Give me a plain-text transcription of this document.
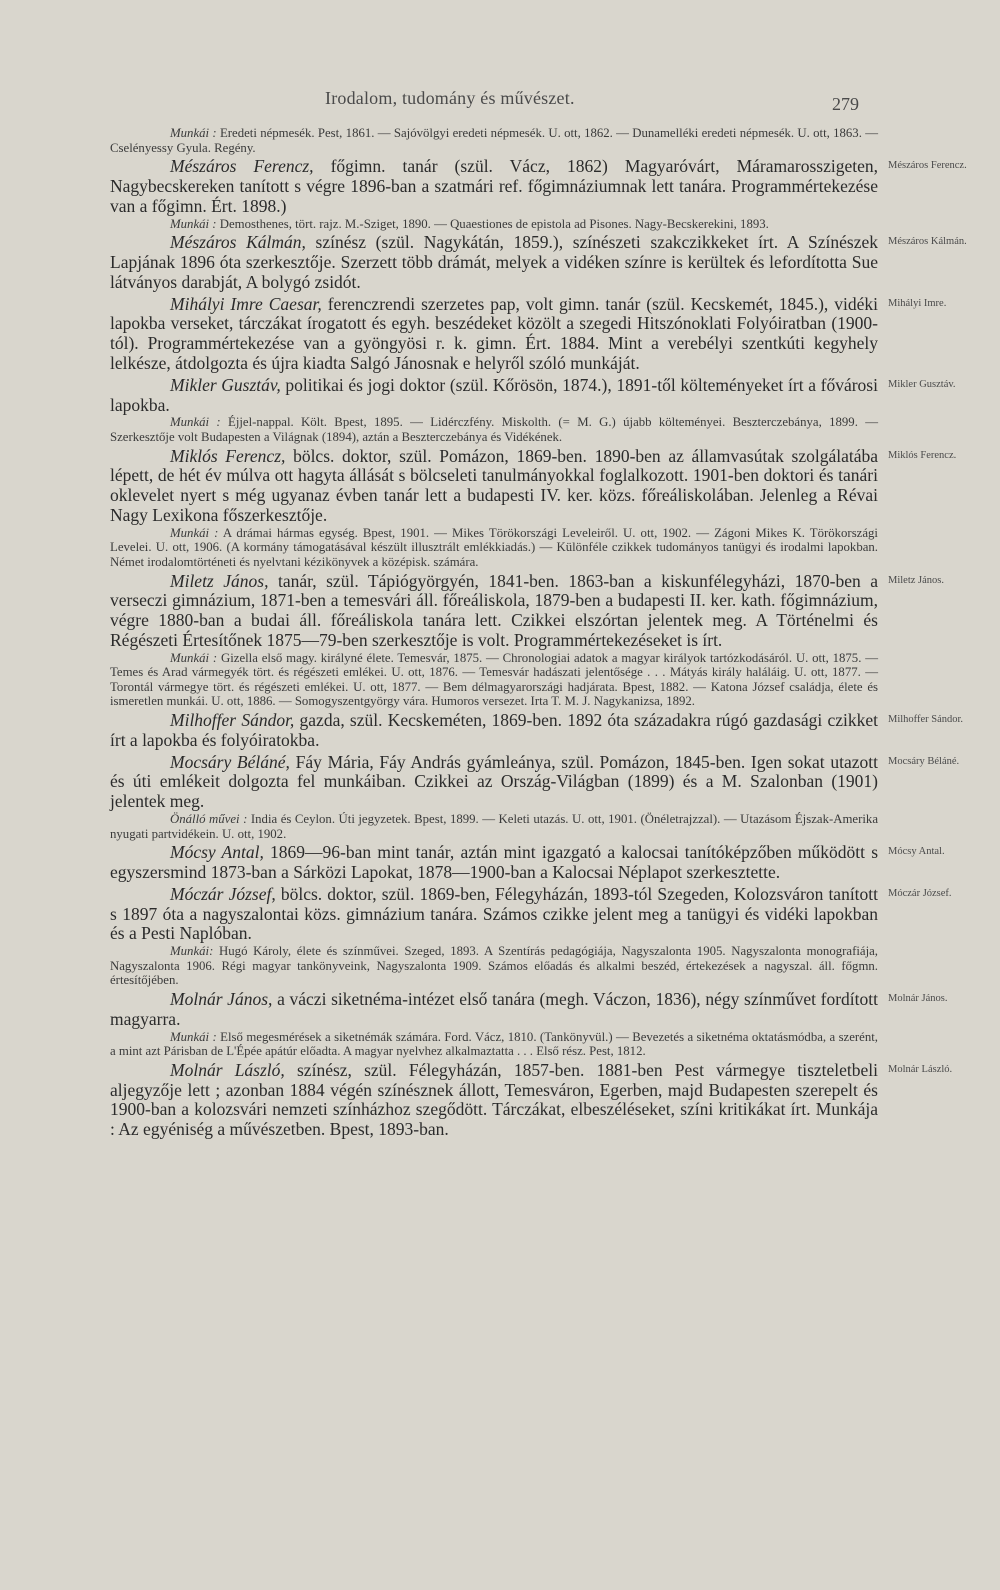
Irodalom, tudomány és művészet.	279

Munkái : Eredeti népmesék. Pest, 1861. — Sajóvölgyi eredeti népmesék. U. ott, 1862. — Dunamelléki eredeti népmesék. U. ott, 1863. — Cselényessy Gyula. Regény.

Mészáros Ferencz, főgimn. tanár (szül. Vácz, 1862) Magyaróvárt, Máramarosszigeten, Nagybecskereken tanított s végre 1896-ban a szatmári ref. főgimnáziumnak lett tanára. Programmértekezése van a főgimn. Ért. 1898.)

Munkái : Demosthenes, tört. rajz. M.-Sziget, 1890. — Quaestiones de epistola ad Pisones. Nagy-Becskerekini, 1893.

Mészáros Kálmán, színész (szül. Nagykátán, 1859.), színészeti szakczikkeket írt. A Színészek Lapjának 1896 óta szerkesztője. Szerzett több drámát, melyek a vidéken színre is kerültek és lefordította Sue látványos darabját, A bolygó zsidót.

Mihályi Imre Caesar, ferenczrendi szerzetes pap, volt gimn. tanár (szül. Kecskemét, 1845.), vidéki lapokba verseket, tárczákat írogatott és egyh. beszédeket közölt a szegedi Hitszónoklati Folyóiratban (1900-tól). Programmértekezése van a gyöngyösi r. k. gimn. Ért. 1884. Mint a verebélyi szentkúti kegyhely lelkésze, átdolgozta és újra kiadta Salgó Jánosnak e helyről szóló munkáját.

Mikler Gusztáv, politikai és jogi doktor (szül. Kőrösön, 1874.), 1891-től költeményeket írt a fővárosi lapokba.

Munkái : Éjjel-nappal. Költ. Bpest, 1895. — Lidérczfény. Miskolth. (= M. G.) újabb költeményei. Beszterczebánya, 1899. — Szerkesztője volt Budapesten a Világnak (1894), aztán a Beszterczebánya és Vidékének.

Miklós Ferencz, bölcs. doktor, szül. Pomázon, 1869-ben. 1890-ben az államvasútak szolgálatába lépett, de hét év múlva ott hagyta állását s bölcseleti tanulmányokkal foglalkozott. 1901-ben doktori és tanári oklevelet nyert s még ugyanaz évben tanár lett a budapesti IV. ker. közs. főreáliskolában. Jelenleg a Révai Nagy Lexikona főszerkesztője.

Munkái : A drámai hármas egység. Bpest, 1901. — Mikes Törökországi Leveleiről. U. ott, 1902. — Zágoni Mikes K. Törökországi Levelei. U. ott, 1906. (A kormány támogatásával készült illusztrált emlékkiadás.) — Különféle czikkek tudományos tanügyi és irodalmi lapokban. Német irodalomtörténeti és nyelvtani kézikönyvek a középisk. számára.

Miletz János, tanár, szül. Tápiógyörgyén, 1841-ben. 1863-ban a kiskunfélegyházi, 1870-ben a verseczi gimnázium, 1871-ben a temesvári áll. főreáliskola, 1879-ben a budapesti II. ker. kath. főgimnázium, végre 1880-ban a budai áll. főreáliskola tanára lett. Czikkei elszórtan jelentek meg. A Történelmi és Régészeti Értesítőnek 1875—79-ben szerkesztője is volt. Programmértekezéseket is írt.

Munkái : Gizella első magy. királyné élete. Temesvár, 1875. — Chronologiai adatok a magyar királyok tartózkodásáról. U. ott, 1875. — Temes és Arad vármegyék tört. és régészeti emlékei. U. ott, 1876. — Temesvár hadászati jelentősége . . . Mátyás király haláláig. U. ott, 1877. — Torontál vármegye tört. és régészeti emlékei. U. ott, 1877. — Bem délmagyarországi hadjárata. Bpest, 1882. — Katona József családja, élete és ismeretlen munkái. U. ott, 1886. — Somogyszentgyörgy vára. Humoros versezet. Irta T. M. J. Nagykanizsa, 1892.

Milhoffer Sándor, gazda, szül. Kecskeméten, 1869-ben. 1892 óta századakra rúgó gazdasági czikket írt a lapokba és folyóiratokba.

Mocsáry Béláné, Fáy Mária, Fáy András gyámleánya, szül. Pomázon, 1845-ben. Igen sokat utazott és úti emlékeit dolgozta fel munkáiban. Czikkei az Ország-Világban (1899) és a M. Szalonban (1901) jelentek meg.

Önálló művei : India és Ceylon. Úti jegyzetek. Bpest, 1899. — Keleti utazás. U. ott, 1901. (Önéletrajzzal). — Utazásom Éjszak-Amerika nyugati partvidékein. U. ott, 1902.

Mócsy Antal, 1869—96-ban mint tanár, aztán mint igazgató a kalocsai tanítóképzőben működött s egyszersmind 1873-ban a Sárközi Lapokat, 1878—1900-ban a Kalocsai Néplapot szerkesztette.

Móczár József, bölcs. doktor, szül. 1869-ben, Félegyházán, 1893-tól Szegeden, Kolozsváron tanított s 1897 óta a nagyszalontai közs. gimnázium tanára. Számos czikke jelent meg a tanügyi és vidéki lapokban és a Pesti Naplóban.

Munkái: Hugó Károly, élete és színművei. Szeged, 1893. A Szentírás pedagógiája, Nagyszalonta 1905. Nagyszalonta monografiája, Nagyszalonta 1906. Régi magyar tankönyveink, Nagyszalonta 1909. Számos előadás és alkalmi beszéd, értekezések a nagyszal. áll. főgmn. értesítőjében.

Molnár János, a váczi siketnéma-intézet első tanára (megh. Váczon, 1836), négy színművet fordított magyarra.

Munkái : Első megesmérések a siketnémák számára. Ford. Vácz, 1810. (Tankönyvül.) — Bevezetés a siketnéma oktatásmódba, a szerént, a mint azt Párisban de L'Épée apátúr előadta. A magyar nyelvhez alkalmaztatta . . . Első rész. Pest, 1812.

Molnár László, színész, szül. Félegyházán, 1857-ben. 1881-ben Pest vármegye tiszteletbeli aljegyzője lett ; azonban 1884 végén színésznek állott, Temesváron, Egerben, majd Budapesten szerepelt és 1900-ban a kolozsvári nemzeti színházhoz szegődött. Tárczákat, elbeszéléseket, színi kritikákat írt. Munkája : Az egyéniség a művészetben. Bpest, 1893-ban.

Mészáros Ferencz.
Mészáros Kálmán.
Mihályi Imre.
Mikler Gusztáv.
Miklós Ferencz.
Miletz János.
Milhoffer Sándor.
Mocsáry Béláné.
Mócsy Antal.
Móczár József.
Molnár János.
Molnár László.
